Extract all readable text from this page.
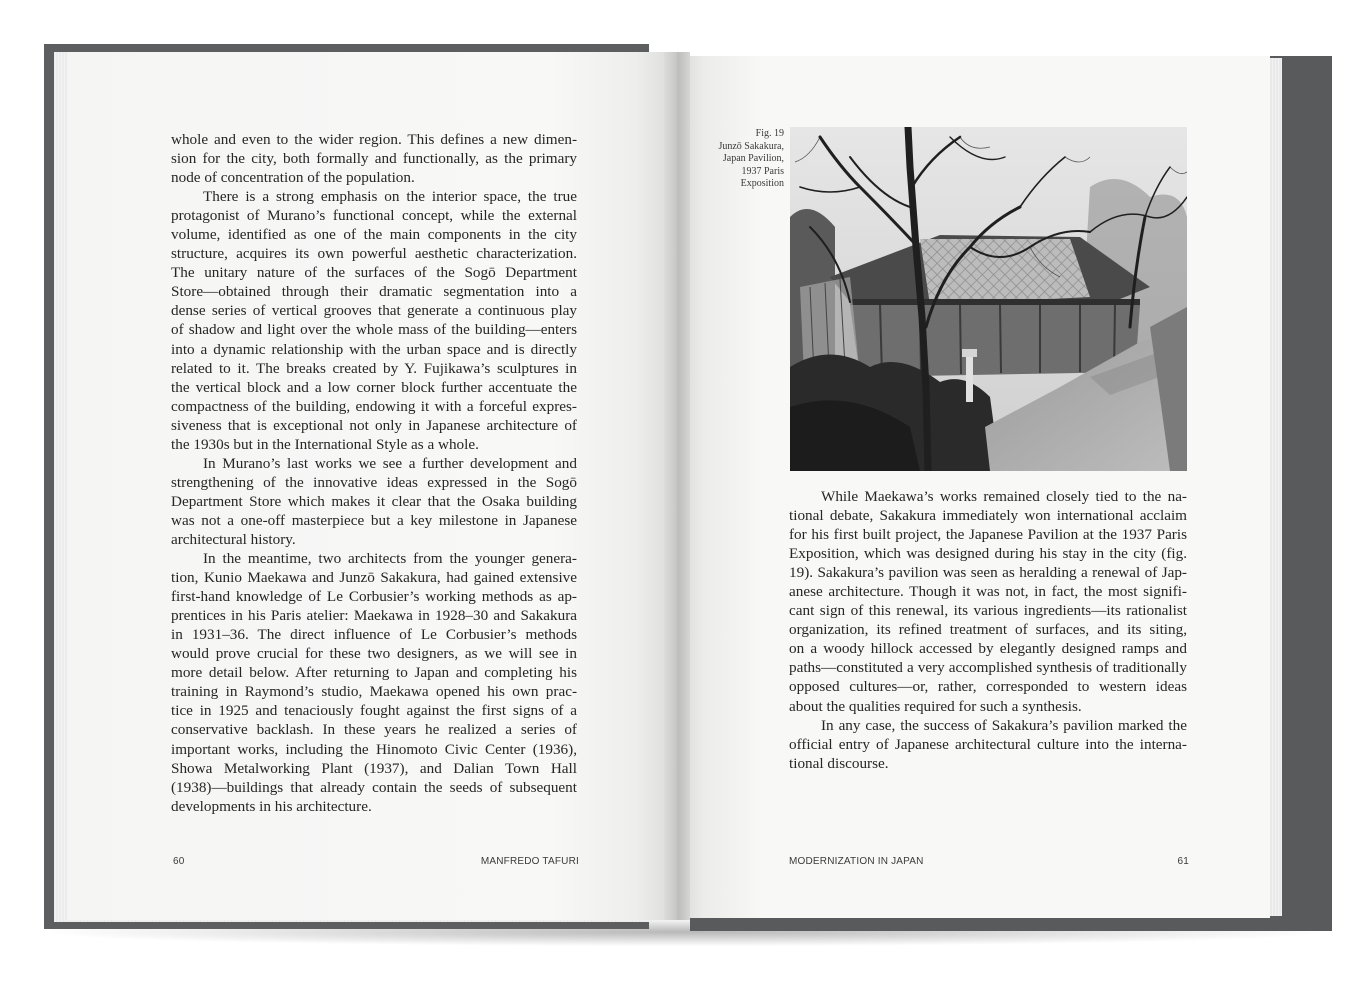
whole and even to the wider region. This defines a new dimen-
sion for the city, both formally and functionally, as the primary
node of concentration of the population.
There is a strong emphasis on the interior space, the true
protagonist of Murano’s functional concept, while the external
volume, identified as one of the main components in the city
structure, acquires its own powerful aesthetic characterization.
The unitary nature of the surfaces of the Sogō Department
Store—obtained through their dramatic segmentation into a
dense series of vertical grooves that generate a continuous play
of shadow and light over the whole mass of the building—enters
into a dynamic relationship with the urban space and is directly
related to it. The breaks created by Y. Fujikawa’s sculptures in
the vertical block and a low corner block further accentuate the
compactness of the building, endowing it with a forceful expres-
siveness that is exceptional not only in Japanese architecture of
the 1930s but in the International Style as a whole.
In Murano’s last works we see a further development and
strengthening of the innovative ideas expressed in the Sogō
Department Store which makes it clear that the Osaka building
was not a one-off masterpiece but a key milestone in Japanese
architectural history.
In the meantime, two architects from the younger genera-
tion, Kunio Maekawa and Junzō Sakakura, had gained extensive
first-hand knowledge of Le Corbusier’s working methods as ap-
prentices in his Paris atelier: Maekawa in 1928–30 and Sakakura
in 1931–36. The direct influence of Le Corbusier’s methods
would prove crucial for these two designers, as we will see in
more detail below. After returning to Japan and completing his
training in Raymond’s studio, Maekawa opened his own prac-
tice in 1925 and tenaciously fought against the first signs of a
conservative backlash. In these years he realized a series of
important works, including the Hinomoto Civic Center (1936),
Showa Metalworking Plant (1937), and Dalian Town Hall
(1938)—buildings that already contain the seeds of subsequent
developments in his architecture.
60	MANFREDO TAFURI
Fig. 19
Junzō Sakakura,
Japan Pavilion,
1937 Paris
Exposition
While Maekawa’s works remained closely tied to the na-
tional debate, Sakakura immediately won international acclaim
for his first built project, the Japanese Pavilion at the 1937 Paris
Exposition, which was designed during his stay in the city (fig.
19). Sakakura’s pavilion was seen as heralding a renewal of Jap-
anese architecture. Though it was not, in fact, the most signifi-
cant sign of this renewal, its various ingredients—its rationalist
organization, its refined treatment of surfaces, and its siting,
on a woody hillock accessed by elegantly designed ramps and
paths—constituted a very accomplished synthesis of traditionally
opposed cultures—or, rather, corresponded to western ideas
about the qualities required for such a synthesis.
In any case, the success of Sakakura’s pavilion marked the
official entry of Japanese architectural culture into the interna-
tional discourse.
MODERNIZATION IN JAPAN	61
